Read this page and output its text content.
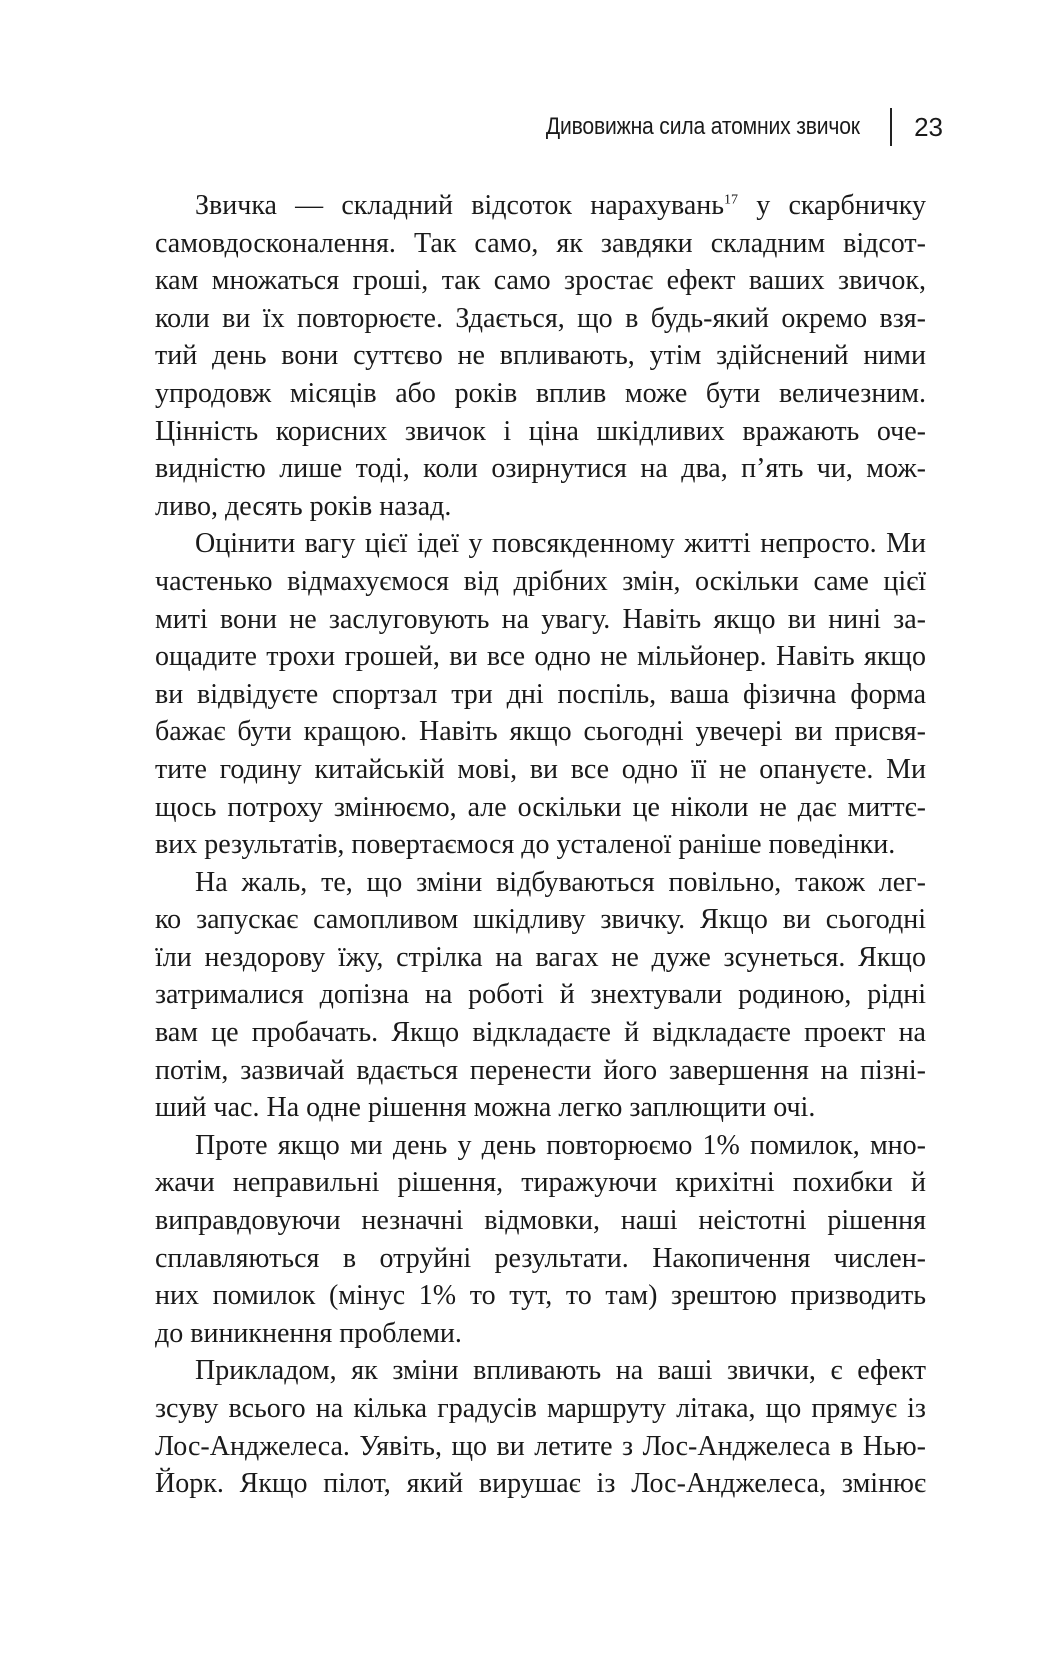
Дивовижна сила атомних звичок 23

Звичка — складний відсоток нарахувань$^{17}$ у скарбничку
самовдосконалення. Так само, як завдяки складним відсот-
кам множаться гроші, так само зростає ефект ваших звичок,
коли ви їх повторюєте. Здається, що в будь-який окремо взя-
тий день вони суттєво не впливають, утім здійснений ними
упродовж місяців або років вплив може бути величезним.
Цінність корисних звичок і ціна шкідливих вражають оче-
видністю лише тоді, коли озирнутися на два, п’ять чи, мож-
ливо, десять років назад.

Оцінити вагу цієї ідеї у повсякденному житті непросто. Ми
частенько відмахуємося від дрібних змін, оскільки саме цієї
миті вони не заслуговують на увагу. Навіть якщо ви нині за-
ощадите трохи грошей, ви все одно не мільйонер. Навіть якщо
ви відвідуєте спортзал три дні поспіль, ваша фізична форма
бажає бути кращою. Навіть якщо сьогодні увечері ви присвя-
тите годину китайській мові, ви все одно її не опануєте. Ми
щось потроху змінюємо, але оскільки це ніколи не дає миттє-
вих результатів, повертаємося до усталеної раніше поведінки.

На жаль, те, що зміни відбуваються повільно, також лег-
ко запускає самопливом шкідливу звичку. Якщо ви сьогодні
їли нездорову їжу, стрілка на вагах не дуже зсунеться. Якщо
затрималися допізна на роботі й знехтували родиною, рідні
вам це пробачать. Якщо відкладаєте й відкладаєте проект на
потім, зазвичай вдається перенести його завершення на пізні-
ший час. На одне рішення можна легко заплющити очі.

Проте якщо ми день у день повторюємо 1% помилок, мно-
жачи неправильні рішення, тиражуючи крихітні похибки й
виправдовуючи незначні відмовки, наші неістотні рішення
сплавляються в отруйні результати. Накопичення числен-
них помилок (мінус 1% то тут, то там) зрештою призводить
до виникнення проблеми.

Прикладом, як зміни впливають на ваші звички, є ефект
зсуву всього на кілька градусів маршруту літака, що прямує із
Лос-Анджелеса. Уявіть, що ви летите з Лос-Анджелеса в Нью-
Йорк. Якщо пілот, який вирушає із Лос-Анджелеса, змінює
